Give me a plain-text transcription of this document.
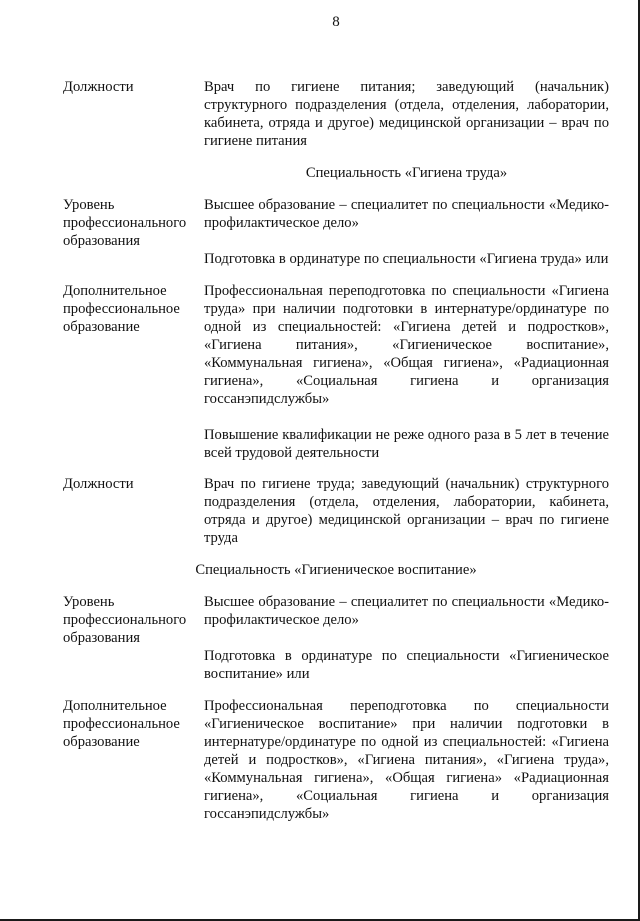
8
Должности	Врач по гигиене питания; заведующий (начальник) структурного подразделения (отдела, отделения, лаборатории, кабинета, отряда и другое) медицинской организации – врач по гигиене питания

Специальность «Гигиена труда»

Уровень профессионального образования

Высшее образование – специалитет по специальности «Медико-профилактическое дело»

Подготовка в ординатуре по специальности «Гигиена труда» или

Дополнительное профессиональное образование

Профессиональная переподготовка по специальности «Гигиена труда» при наличии подготовки в интернатуре/ординатуре по одной из специальностей: «Гигиена детей и подростков», «Гигиена питания», «Гигиеническое воспитание», «Коммунальная гигиена», «Общая гигиена», «Радиационная гигиена», «Социальная гигиена и организация госсанэпидслужбы»

Повышение квалификации не реже одного раза в 5 лет в течение всей трудовой деятельности

Должности	Врач по гигиене труда; заведующий (начальник) структурного подразделения (отдела, отделения, лаборатории, кабинета, отряда и другое) медицинской организации – врач по гигиене труда

Специальность «Гигиеническое воспитание»

Уровень профессионального образования

Высшее образование – специалитет по специальности «Медико-профилактическое дело»

Подготовка в ординатуре по специальности «Гигиеническое воспитание» или

Дополнительное профессиональное образование

Профессиональная переподготовка по специальности «Гигиеническое воспитание» при наличии подготовки в интернатуре/ординатуре по одной из специальностей: «Гигиена детей и подростков», «Гигиена питания», «Гигиена труда», «Коммунальная гигиена», «Общая гигиена» «Радиационная гигиена», «Социальная гигиена и организация госсанэпидслужбы»
